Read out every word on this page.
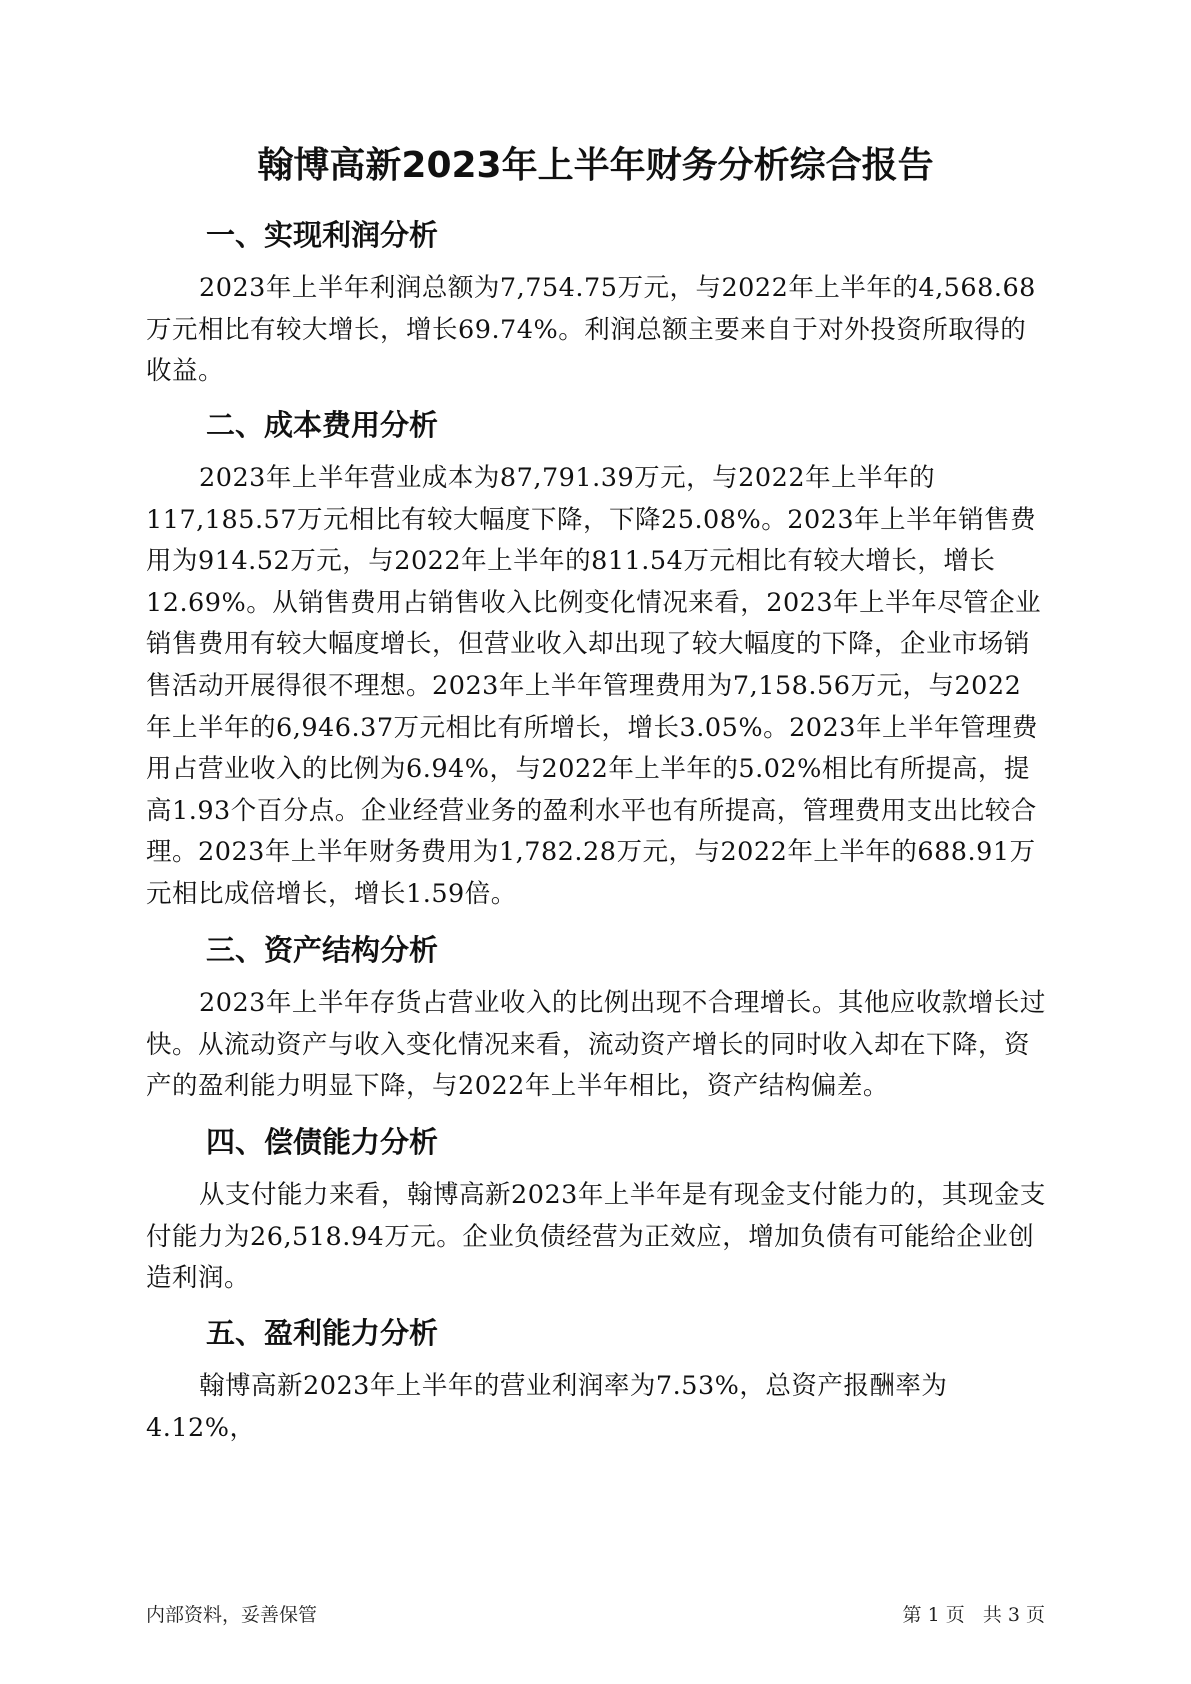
翰博高新2023年上半年财务分析综合报告
一、实现利润分析
2023年上半年利润总额为7,754.75万元，与2022年上半年的4,568.68万元相比有较大增长，增长69.74%。利润总额主要来自于对外投资所取得的收益。
二、成本费用分析
2023年上半年营业成本为87,791.39万元，与2022年上半年的117,185.57万元相比有较大幅度下降，下降25.08%。2023年上半年销售费用为914.52万元，与2022年上半年的811.54万元相比有较大增长，增长12.69%。从销售费用占销售收入比例变化情况来看，2023年上半年尽管企业销售费用有较大幅度增长，但营业收入却出现了较大幅度的下降，企业市场销售活动开展得很不理想。2023年上半年管理费用为7,158.56万元，与2022年上半年的6,946.37万元相比有所增长，增长3.05%。2023年上半年管理费用占营业收入的比例为6.94%，与2022年上半年的5.02%相比有所提高，提高1.93个百分点。企业经营业务的盈利水平也有所提高，管理费用支出比较合理。2023年上半年财务费用为1,782.28万元，与2022年上半年的688.91万元相比成倍增长，增长1.59倍。
三、资产结构分析
2023年上半年存货占营业收入的比例出现不合理增长。其他应收款增长过快。从流动资产与收入变化情况来看，流动资产增长的同时收入却在下降，资产的盈利能力明显下降，与2022年上半年相比，资产结构偏差。
四、偿债能力分析
从支付能力来看，翰博高新2023年上半年是有现金支付能力的，其现金支付能力为26,518.94万元。企业负债经营为正效应，增加负债有可能给企业创造利润。
五、盈利能力分析
翰博高新2023年上半年的营业利润率为7.53%，总资产报酬率为4.12%，
内部资料，妥善保管	第 1 页 共 3 页
